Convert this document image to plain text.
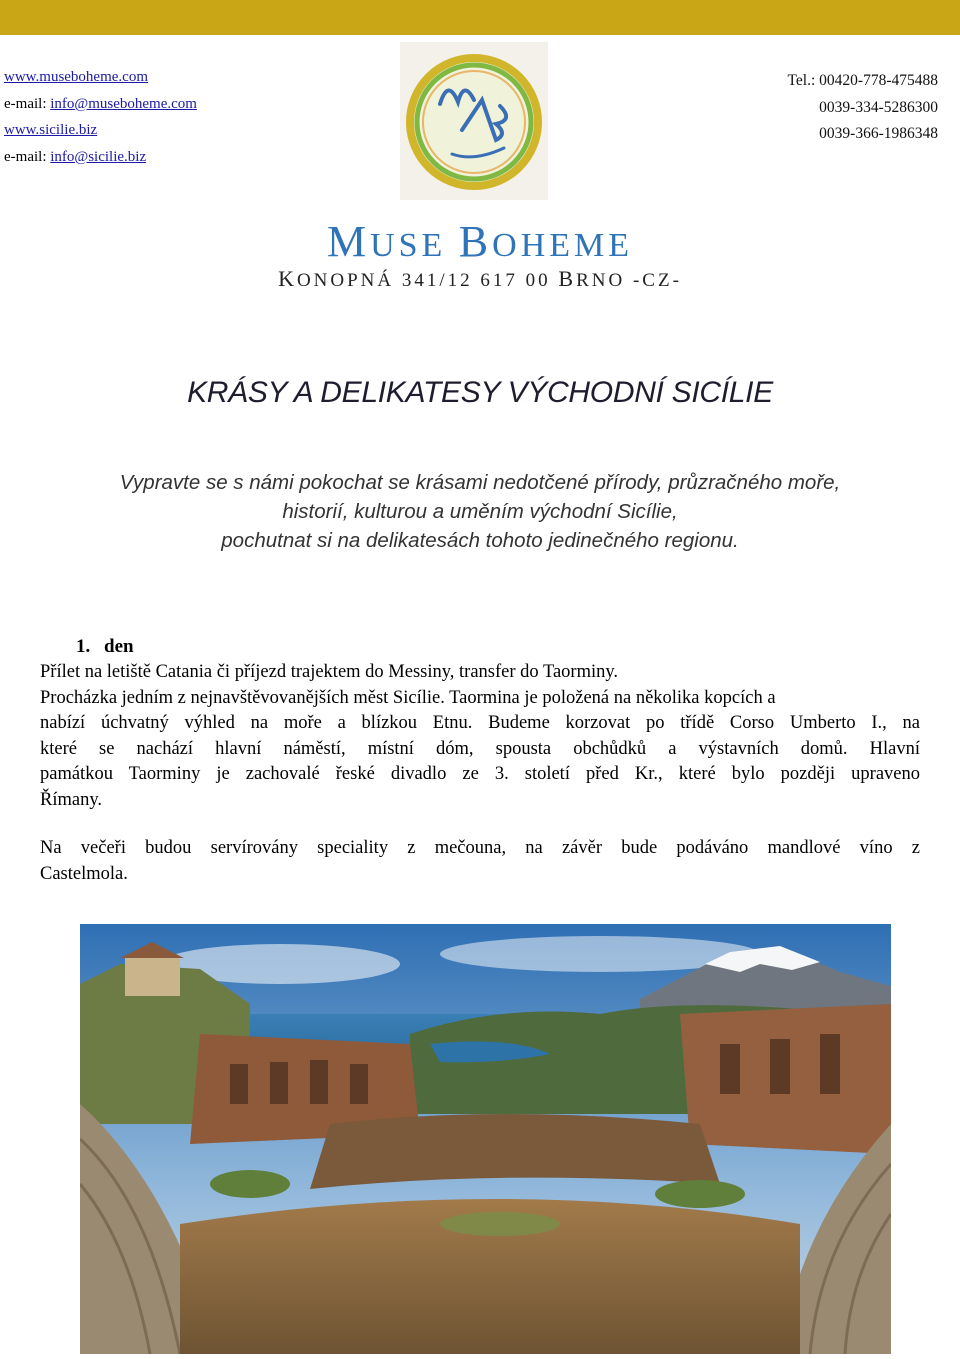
www.museboheme.com
e-mail: info@museboheme.com
www.sicilie.biz
e-mail: info@sicilie.biz
Tel.: 00420-778-475488
0039-334-5286300
0039-366-1986348
MUSE BOHEME
KONOPNÁ 341/12 617 00 BRNO -CZ-
KRÁSY A DELIKATESY VÝCHODNÍ SICÍLIE
Vypravte se s námi pokochat se krásami nedotčené přírody, průzračného moře,
historií, kulturou a uměním východní Sicílie,
pochutnat si na delikatesách tohoto jedinečného regionu.
1. den
Přílet na letiště Catania či příjezd trajektem do Messiny, transfer do Taorminy.
Procházka jedním z nejnavštěvovanějších měst Sicílie. Taormina je položená na několika kopcích a
nabízí úchvatný výhled na moře a blízkou Etnu. Budeme korzovat po třídě Corso Umberto I., na
které se nachází hlavní náměstí, místní dóm, spousta obchůdků a výstavních domů. Hlavní
památkou Taorminy je zachovalé řeské divadlo ze 3. století před Kr., které bylo později upraveno
Římany.
Na večeři budou servírovány speciality z mečouna, na závěr bude podáváno mandlové víno z
Castelmola.
